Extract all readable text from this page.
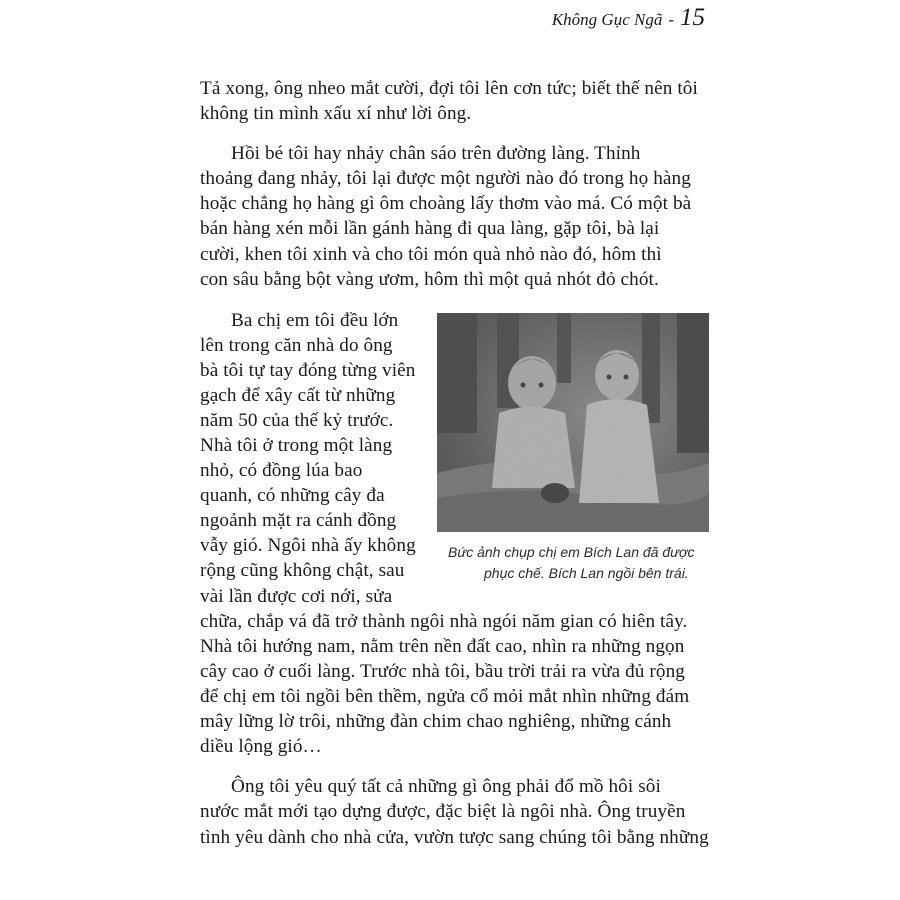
Không Gục Ngã - 15
Tả xong, ông nheo mắt cười, đợi tôi lên cơn tức; biết thế nên tôi
không tin mình xấu xí như lời ông.
Hồi bé tôi hay nhảy chân sáo trên đường làng. Thỉnh
thoảng đang nhảy, tôi lại được một người nào đó trong họ hàng
hoặc chẳng họ hàng gì ôm choàng lấy thơm vào má. Có một bà
bán hàng xén mỗi lần gánh hàng đi qua làng, gặp tôi, bà lại
cười, khen tôi xinh và cho tôi món quà nhỏ nào đó, hôm thì
con sâu bằng bột vàng ươm, hôm thì một quả nhót đỏ chót.
Ba chị em tôi đều lớn
lên trong căn nhà do ông
bà tôi tự tay đóng từng viên
gạch để xây cất từ những
năm 50 của thế kỷ trước.
Nhà tôi ở trong một làng
nhỏ, có đồng lúa bao
quanh, có những cây đa
ngoảnh mặt ra cánh đồng
vẫy gió. Ngôi nhà ấy không
rộng cũng không chật, sau
vài lần được cơi nới, sửa
chữa, chắp vá đã trở thành ngôi nhà ngói năm gian có hiên tây.
Nhà tôi hướng nam, nằm trên nền đất cao, nhìn ra những ngọn
cây cao ở cuối làng. Trước nhà tôi, bầu trời trải ra vừa đủ rộng
để chị em tôi ngồi bên thềm, ngửa cổ mỏi mắt nhìn những đám
mây lững lờ trôi, những đàn chim chao nghiêng, những cánh
diều lộng gió…
Ông tôi yêu quý tất cả những gì ông phải đổ mồ hôi sôi
nước mắt mới tạo dựng được, đặc biệt là ngôi nhà. Ông truyền
tình yêu dành cho nhà cửa, vườn tược sang chúng tôi bằng những
Bức ảnh chụp chị em Bích Lan đã được
phục chế. Bích Lan ngồi bên trái.
